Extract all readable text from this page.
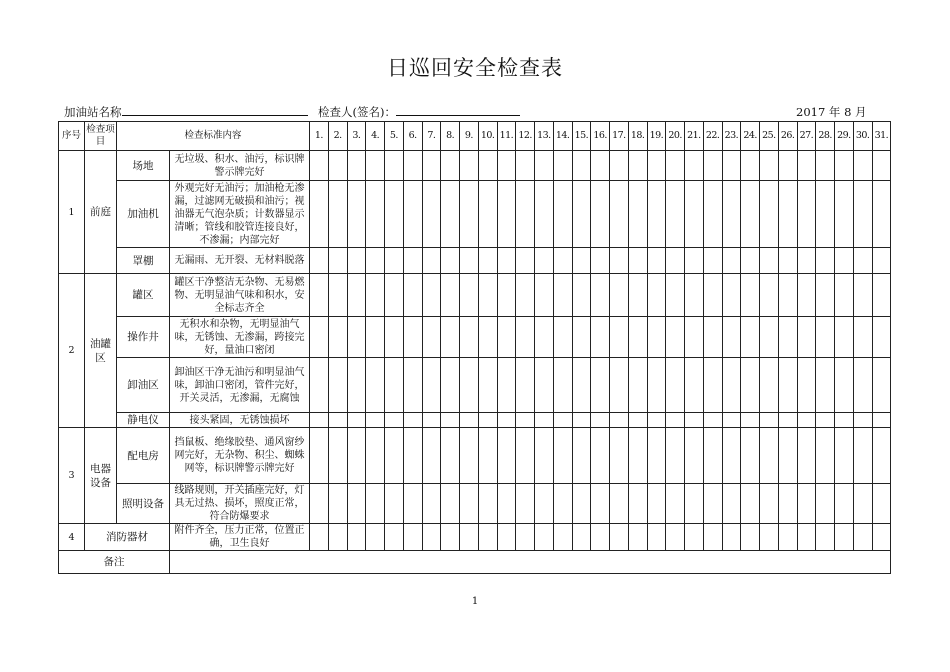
日巡回安全检查表
加油站名称	检查人(签名)：	2017 年 8 月
序号	检查项目	检查标准内容		1.	2.	3.	4.	5.	6.	7.	8.	9.	10.	11.	12.	13.	14.	15.	16.	17.	18.	19.	20.	21.	22.	23.	24.	25.	26.	27.	28.	29.	30.	31.
1	前庭	场地	无垃圾、积水、油污，标识牌警示牌完好																															
		加油机	外观完好无油污；加油枪无渗漏，过滤网无破损和油污；视油器无气泡杂质；计数器显示清晰；管线和胶管连接良好，不渗漏；内部完好																															
		罩棚	无漏雨、无开裂、无材料脱落																															
2	油罐区	罐区	罐区干净整洁无杂物、无易燃物、无明显油气味和积水，安全标志齐全																															
		操作井	无积水和杂物，无明显油气味，无锈蚀、无渗漏，跨接完好，量油口密闭																															
		卸油区	卸油区干净无油污和明显油气味，卸油口密闭，管件完好，开关灵活，无渗漏，无腐蚀																															
		静电仪	接头紧固，无锈蚀损坏																															
3	电器设备	配电房	挡鼠板、绝缘胶垫、通风窗纱网完好，无杂物、积尘、蜘蛛网等，标识牌警示牌完好																															
		照明设备	线路规则，开关插座完好，灯具无过热、损坏，照度正常，符合防爆要求																															
4	消防器材		附件齐全，压力正常，位置正确，卫生良好																															
备注																																		
1
